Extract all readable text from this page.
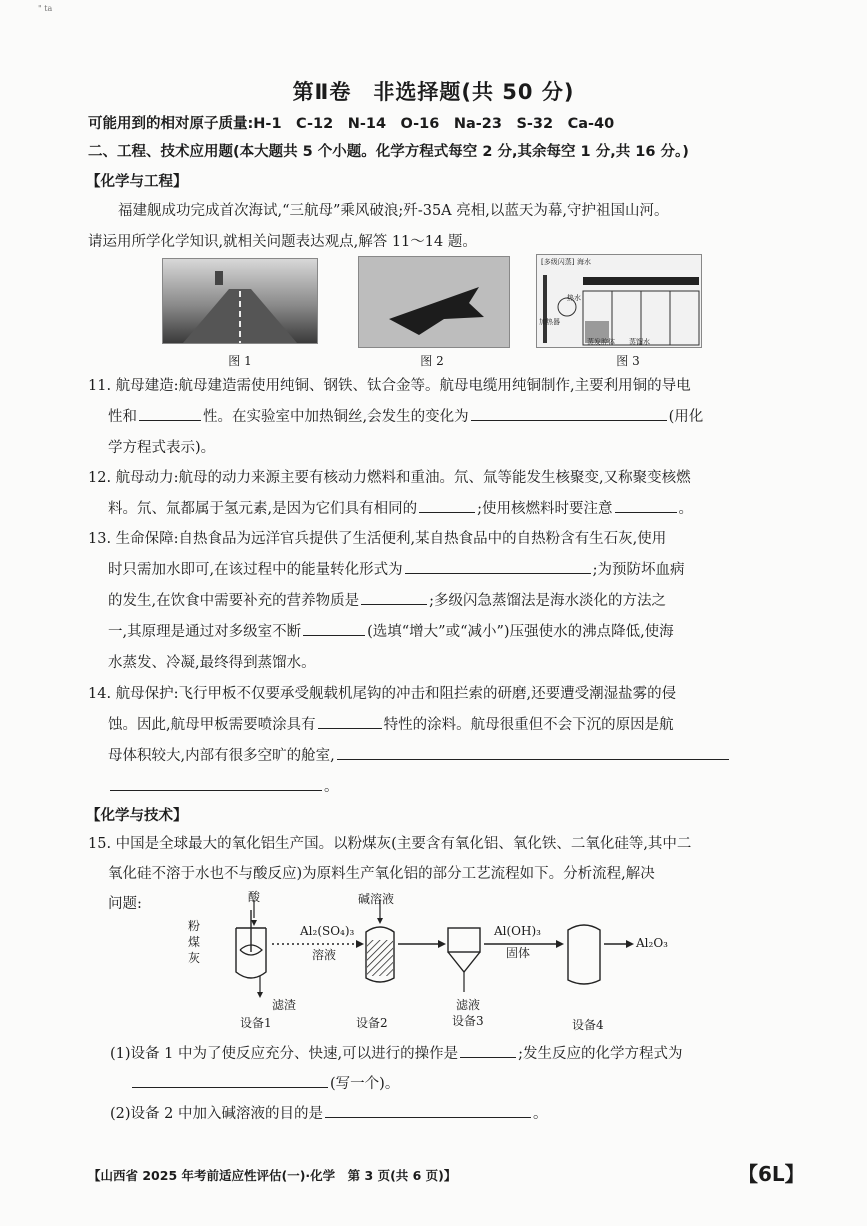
" ta
第Ⅱ卷　非选择题(共 50 分)
可能用到的相对原子质量:H-1　C-12　N-14　O-16　Na-23　S-32　Ca-40
二、工程、技术应用题(本大题共 5 个小题。化学方程式每空 2 分,其余每空 1 分,共 16 分。)
【化学与工程】
福建舰成功完成首次海试,“三航母”乘风破浪;歼-35A 亮相,以蓝天为幕,守护祖国山河。
请运用所学化学知识,就相关问题表达观点,解答 11～14 题。
图 1	图 2
[多级闪蒸] 海水
加热器
热水
蒸发腔体 蒸馏水
图 3
11. 航母建造:航母建造需使用纯铜、钢铁、钛合金等。航母电缆用纯铜制作,主要利用铜的导电
性和	性。在实验室中加热铜丝,会发生的变化为	(用化
学方程式表示)。
12. 航母动力:航母的动力来源主要有核动力燃料和重油。氘、氚等能发生核聚变,又称聚变核燃
料。氘、氚都属于氢元素,是因为它们具有相同的	;使用核燃料时要注意	。
13. 生命保障:自热食品为远洋官兵提供了生活便利,某自热食品中的自热粉含有生石灰,使用
时只需加水即可,在该过程中的能量转化形式为	;为预防坏血病
的发生,在饮食中需要补充的营养物质是	;多级闪急蒸馏法是海水淡化的方法之
一,其原理是通过对多级室不断	(选填“增大”或“减小”)压强使水的沸点降低,使海
水蒸发、冷凝,最终得到蒸馏水。
14. 航母保护:飞行甲板不仅要承受舰载机尾钩的冲击和阻拦索的研磨,还要遭受潮湿盐雾的侵
蚀。因此,航母甲板需要喷涂具有	特性的涂料。航母很重但不会下沉的原因是航
母体积较大,内部有很多空旷的舱室,
。
【化学与技术】
15. 中国是全球最大的氧化铝生产国。以粉煤灰(主要含有氧化铝、氧化铁、二氧化硅等,其中二
氧化硅不溶于水也不与酸反应)为原料生产氧化铝的部分工艺流程如下。分析流程,解决
问题:
粉煤灰
酸
滤渣
设备1
Al₂(SO₄)₃
溶液
碱溶液
设备2
滤液
设备3
Al(OH)₃
固体
设备4
Al₂O₃
(1)设备 1 中为了使反应充分、快速,可以进行的操作是	;发生反应的化学方程式为
(写一个)。
(2)设备 2 中加入碱溶液的目的是	。
【山西省 2025 年考前适应性评估(一)·化学　第 3 页(共 6 页)】	【6L】
